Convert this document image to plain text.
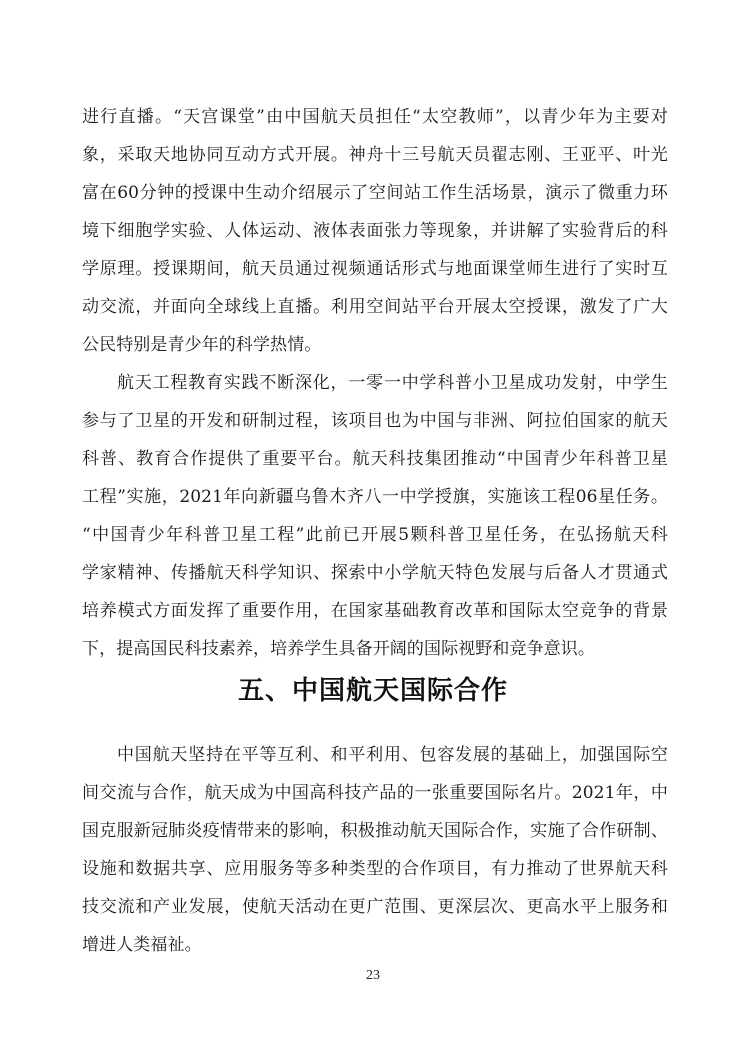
进行直播。“天宫课堂”由中国航天员担任“太空教师”，以青少年为主要对
象，采取天地协同互动方式开展。神舟十三号航天员翟志刚、王亚平、叶光
富在60分钟的授课中生动介绍展示了空间站工作生活场景，演示了微重力环
境下细胞学实验、人体运动、液体表面张力等现象，并讲解了实验背后的科
学原理。授课期间，航天员通过视频通话形式与地面课堂师生进行了实时互
动交流，并面向全球线上直播。利用空间站平台开展太空授课，激发了广大
公民特别是青少年的科学热情。
航天工程教育实践不断深化，一零一中学科普小卫星成功发射，中学生
参与了卫星的开发和研制过程，该项目也为中国与非洲、阿拉伯国家的航天
科普、教育合作提供了重要平台。航天科技集团推动“中国青少年科普卫星
工程”实施，2021年向新疆乌鲁木齐八一中学授旗，实施该工程06星任务。
“中国青少年科普卫星工程”此前已开展5颗科普卫星任务，在弘扬航天科
学家精神、传播航天科学知识、探索中小学航天特色发展与后备人才贯通式
培养模式方面发挥了重要作用，在国家基础教育改革和国际太空竞争的背景
下，提高国民科技素养，培养学生具备开阔的国际视野和竞争意识。
五、中国航天国际合作
中国航天坚持在平等互利、和平利用、包容发展的基础上，加强国际空
间交流与合作，航天成为中国高科技产品的一张重要国际名片。2021年，中
国克服新冠肺炎疫情带来的影响，积极推动航天国际合作，实施了合作研制、
设施和数据共享、应用服务等多种类型的合作项目，有力推动了世界航天科
技交流和产业发展，使航天活动在更广范围、更深层次、更高水平上服务和
增进人类福祉。
23
